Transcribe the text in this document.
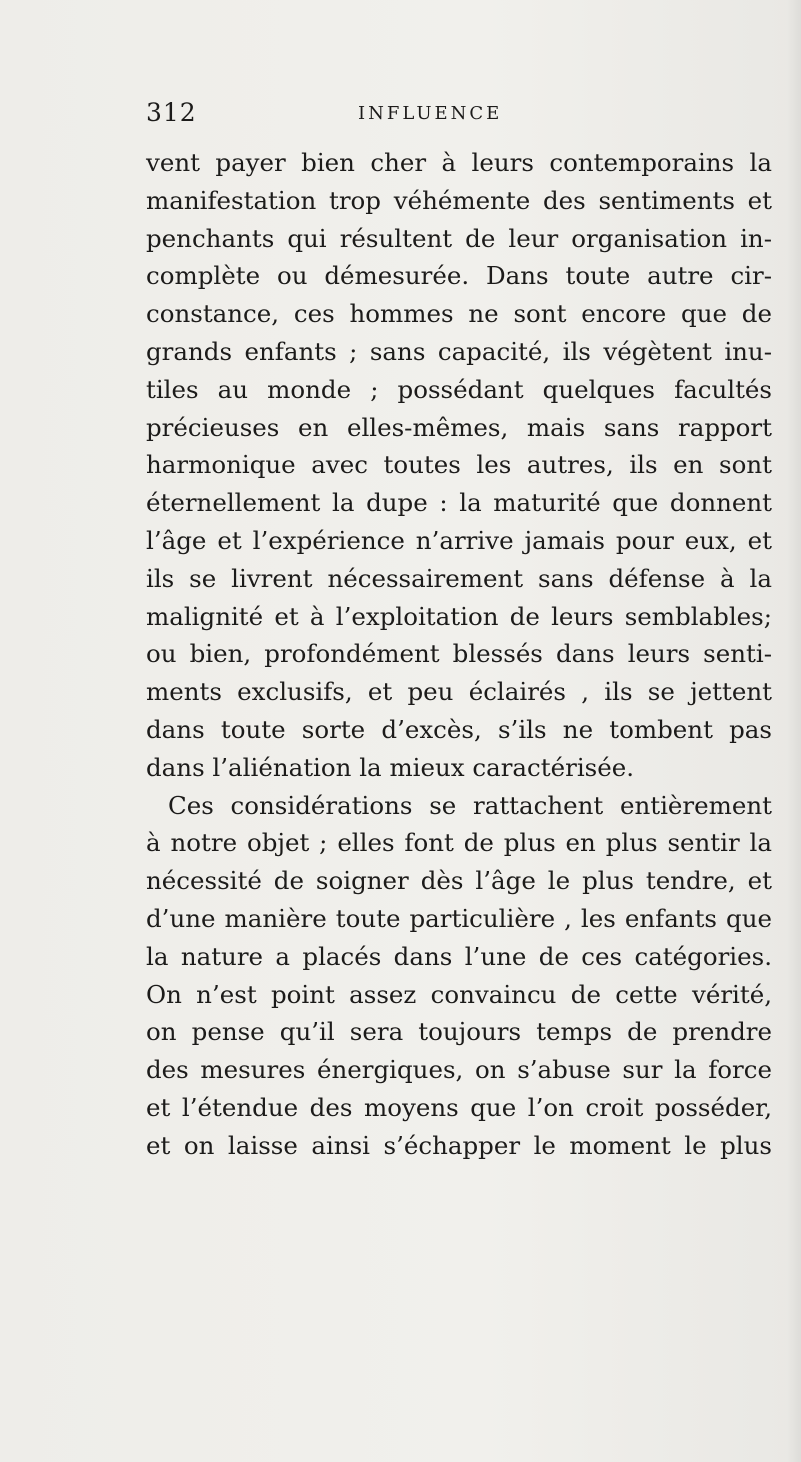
312	INFLUENCE
vent payer bien cher à leurs contemporains la
manifestation trop véhémente des sentiments et
penchants qui résultent de leur organisation in-
complète ou démesurée. Dans toute autre cir-
constance, ces hommes ne sont encore que de
grands enfants ; sans capacité, ils végètent inu-
tiles au monde ; possédant quelques facultés
précieuses en elles-mêmes, mais sans rapport
harmonique avec toutes les autres, ils en sont
éternellement la dupe : la maturité que donnent
l’âge et l’expérience n’arrive jamais pour eux, et
ils se livrent nécessairement sans défense à la
malignité et à l’exploitation de leurs semblables;
ou bien, profondément blessés dans leurs senti-
ments exclusifs, et peu éclairés , ils se jettent
dans toute sorte d’excès, s’ils ne tombent pas
dans l’aliénation la mieux caractérisée.
Ces considérations se rattachent entièrement
à notre objet ; elles font de plus en plus sentir la
nécessité de soigner dès l’âge le plus tendre, et
d’une manière toute particulière , les enfants que
la nature a placés dans l’une de ces catégories.
On n’est point assez convaincu de cette vérité,
on pense qu’il sera toujours temps de prendre
des mesures énergiques, on s’abuse sur la force
et l’étendue des moyens que l’on croit posséder,
et on laisse ainsi s’échapper le moment le plus
